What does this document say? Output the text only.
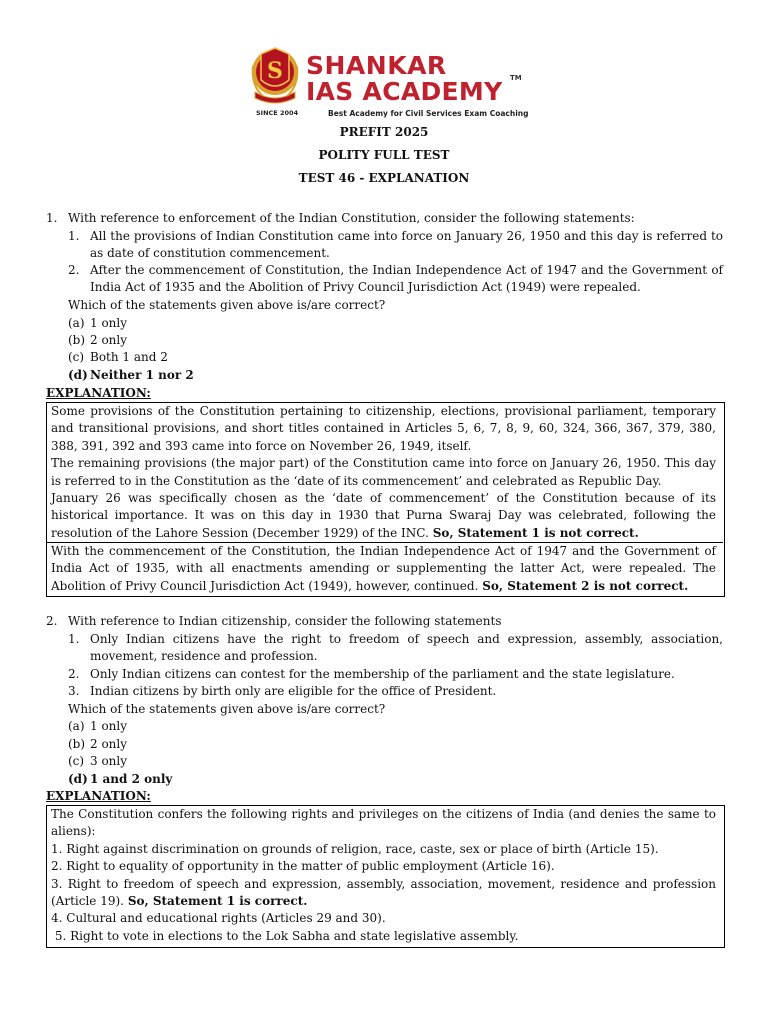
S SHANKAR
IAS ACADEMY TM
SINCE 2004	Best Academy for Civil Services Exam Coaching
PREFIT 2025
POLITY FULL TEST
TEST 46 - EXPLANATION
1. With reference to enforcement of the Indian Constitution, consider the following statements:
1. All the provisions of Indian Constitution came into force on January 26, 1950 and this day is referred to as date of constitution commencement.
2. After the commencement of Constitution, the Indian Independence Act of 1947 and the Government of India Act of 1935 and the Abolition of Privy Council Jurisdiction Act (1949) were repealed.
Which of the statements given above is/are correct?
(a) 1 only
(b) 2 only
(c) Both 1 and 2
(d) Neither 1 nor 2
EXPLANATION:
Some provisions of the Constitution pertaining to citizenship, elections, provisional parliament, temporary and transitional provisions, and short titles contained in Articles 5, 6, 7, 8, 9, 60, 324, 366, 367, 379, 380, 388, 391, 392 and 393 came into force on November 26, 1949, itself.
The remaining provisions (the major part) of the Constitution came into force on January 26, 1950. This day is referred to in the Constitution as the ‘date of its commencement’ and celebrated as Republic Day.
January 26 was specifically chosen as the ‘date of commencement’ of the Constitution because of its historical importance. It was on this day in 1930 that Purna Swaraj Day was celebrated, following the resolution of the Lahore Session (December 1929) of the INC. So, Statement 1 is not correct.
With the commencement of the Constitution, the Indian Independence Act of 1947 and the Government of India Act of 1935, with all enactments amending or supplementing the latter Act, were repealed. The Abolition of Privy Council Jurisdiction Act (1949), however, continued. So, Statement 2 is not correct.
2. With reference to Indian citizenship, consider the following statements
1. Only Indian citizens have the right to freedom of speech and expression, assembly, association, movement, residence and profession.
2. Only Indian citizens can contest for the membership of the parliament and the state legislature.
3. Indian citizens by birth only are eligible for the office of President.
Which of the statements given above is/are correct?
(a) 1 only
(b) 2 only
(c) 3 only
(d) 1 and 2 only
EXPLANATION:
The Constitution confers the following rights and privileges on the citizens of India (and denies the same to aliens):
1. Right against discrimination on grounds of religion, race, caste, sex or place of birth (Article 15).
2. Right to equality of opportunity in the matter of public employment (Article 16).
3. Right to freedom of speech and expression, assembly, association, movement, residence and profession (Article 19). So, Statement 1 is correct.
4. Cultural and educational rights (Articles 29 and 30).
5. Right to vote in elections to the Lok Sabha and state legislative assembly.
